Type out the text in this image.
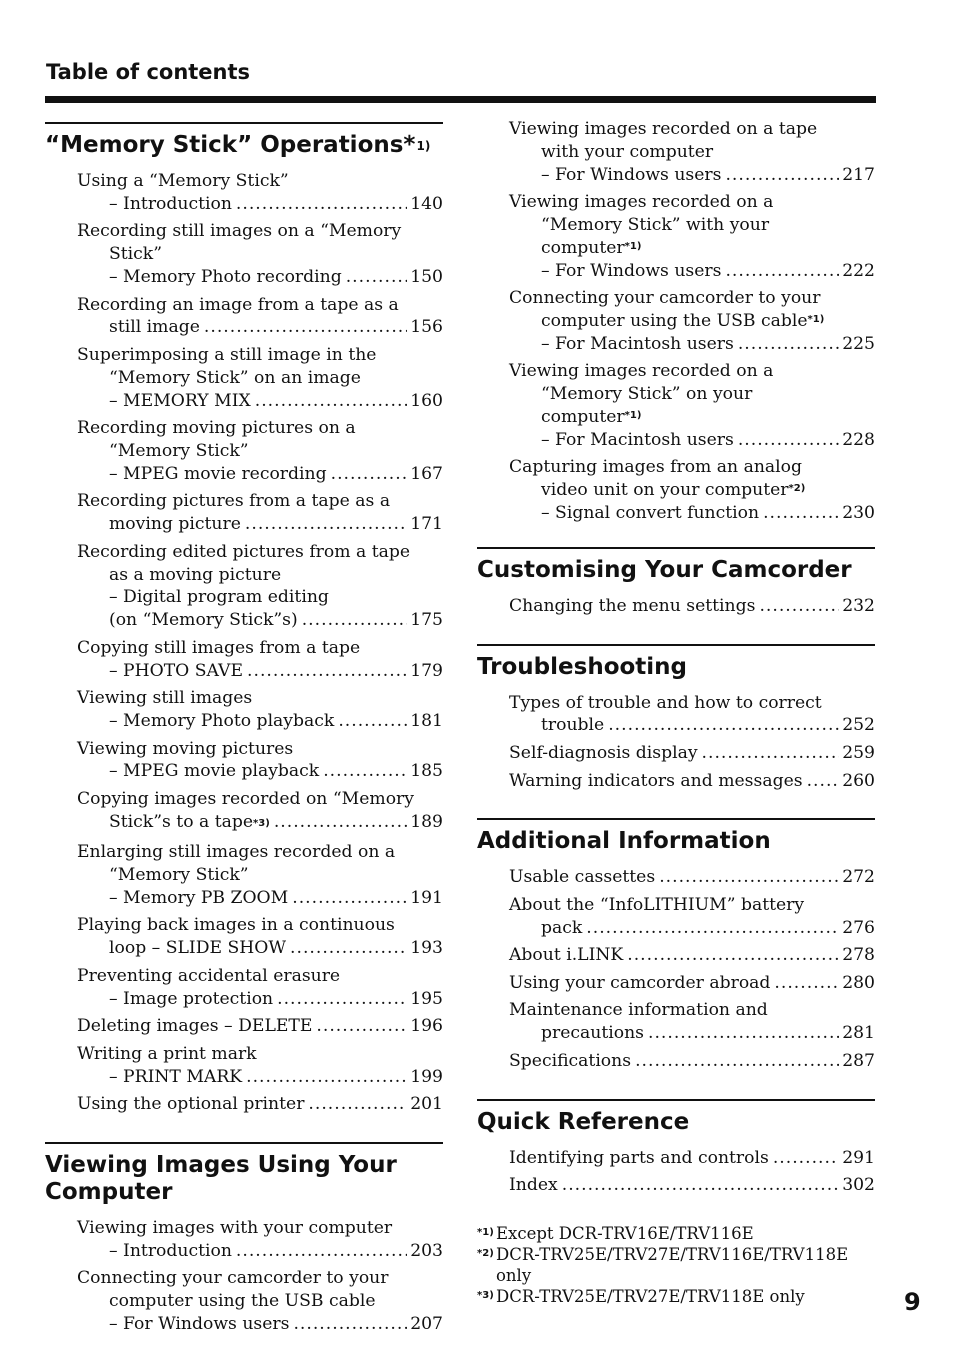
Table of contents
“Memory Stick” Operations*$^{1)}$
Using a “Memory Stick”
– Introduction .....	140
Recording still images on a “Memory
Stick”
– Memory Photo recording .....	150
Recording an image from a tape as a
still image .....	156
Superimposing a still image in the
“Memory Stick” on an image
– MEMORY MIX .....	160
Recording moving pictures on a
“Memory Stick”
– MPEG movie recording .....	167
Recording pictures from a tape as a
moving picture .....	171
Recording edited pictures from a tape
as a moving picture
– Digital program editing
(on “Memory Stick”s) .....	175
Copying still images from a tape
– PHOTO SAVE .....	179
Viewing still images
– Memory Photo playback .....	181
Viewing moving pictures
– MPEG movie playback .....	185
Copying images recorded on “Memory
Stick”s to a tape *3) .....	189
Enlarging still images recorded on a
“Memory Stick”
– Memory PB ZOOM .....	191
Playing back images in a continuous
loop – SLIDE SHOW .....	193
Preventing accidental erasure
– Image protection .....	195
Deleting images – DELETE .....	196
Writing a print mark
– PRINT MARK .....	199
Using the optional printer .....	201
Viewing Images Using Your Computer
Viewing images with your computer
– Introduction .....	203
Connecting your camcorder to your
computer using the USB cable
– For Windows users .....	207
Viewing images recorded on a tape
with your computer
– For Windows users .....	217
Viewing images recorded on a
“Memory Stick” with your
computer$^{*1)}$
– For Windows users .....	222
Connecting your camcorder to your
computer using the USB cable$^{*1)}$
– For Macintosh users .....	225
Viewing images recorded on a
“Memory Stick” on your
computer$^{*1)}$
– For Macintosh users .....	228
Capturing images from an analog
video unit on your computer$^{*2)}$
– Signal convert function .....	230
Customising Your Camcorder
Changing the menu settings .....	232
Troubleshooting
Types of trouble and how to correct
trouble .....	252
Self-diagnosis display .....	259
Warning indicators and messages ..... 260
Additional Information
Usable cassettes .....	272
About the “InfoLITHIUM” battery
pack .....	276
About i.LINK .....	278
Using your camcorder abroad .....	280
Maintenance information and
precautions .....	281
Specifications .....	287
Quick Reference
Identifying parts and controls .....	291
Index .....	302
*1) Except DCR-TRV16E/TRV116E
*2) DCR-TRV25E/TRV27E/TRV116E/TRV118E
only
*3) DCR-TRV25E/TRV27E/TRV118E only	9
